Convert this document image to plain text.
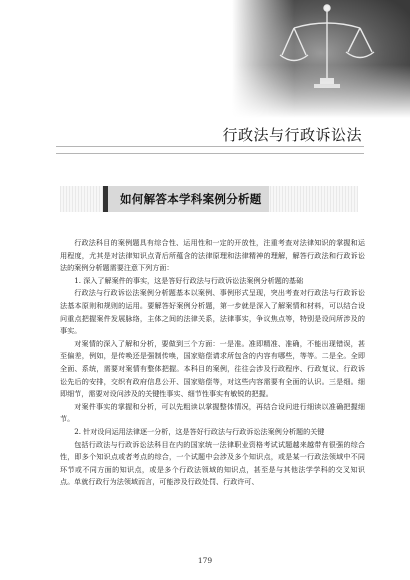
行政法与行政诉讼法
如何解答本学科案例分析题

行政法科目的案例题具有综合性、运用性和一定的开放性，注重考查对法律知识的掌握和运用程度，尤其是对法律知识点背后所蕴含的法律原理和法律精神的理解，解答行政法和行政诉讼法的案例分析题需要注意下列方面：

1. 深入了解案件的事实，这是答好行政法与行政诉讼法案例分析题的基础

行政法与行政诉讼法案例分析题基本以案例、事例形式呈现，突出考查对行政法与行政诉讼法基本原则和规则的运用。要解答好案例分析题，第一步就是深入了解案情和材料，可以结合设问重点把握案件发展脉络，主体之间的法律关系，法律事实，争议焦点等，特别是设问所涉及的事实。

对案情的深入了解和分析，要做到三个方面：一是准。准即精准、准确，不能出现错误，甚至偏差，例如，是传唤还是强制传唤，国家赔偿请求所包含的内容有哪些，等等。二是全。全即全面、系统，需要对案情有整体把握。本科目的案例，往往会涉及行政程序、行政复议、行政诉讼先后的安排，交织有政府信息公开、国家赔偿等，对这些内容需要有全面的认识。三是细。细即细节，需要对设问涉及的关键性事实、细节性事实有敏锐的把握。

对案件事实的掌握和分析，可以先粗读以掌握整体情况，再结合设问进行细读以准确把握细节。

2. 针对设问运用法律逐一分析，这是答好行政法与行政诉讼法案例分析题的关键

包括行政法与行政诉讼法科目在内的国家统一法律职业资格考试试题越来越带有很强的综合性，即多个知识点或者考点的综合，一个试题中会涉及多个知识点，或是某一行政法领域中不同环节或不同方面的知识点，或是多个行政法领域的知识点，甚至是与其他法学学科的交叉知识点。单就行政行为法领域而言，可能涉及行政处罚、行政许可、

179
